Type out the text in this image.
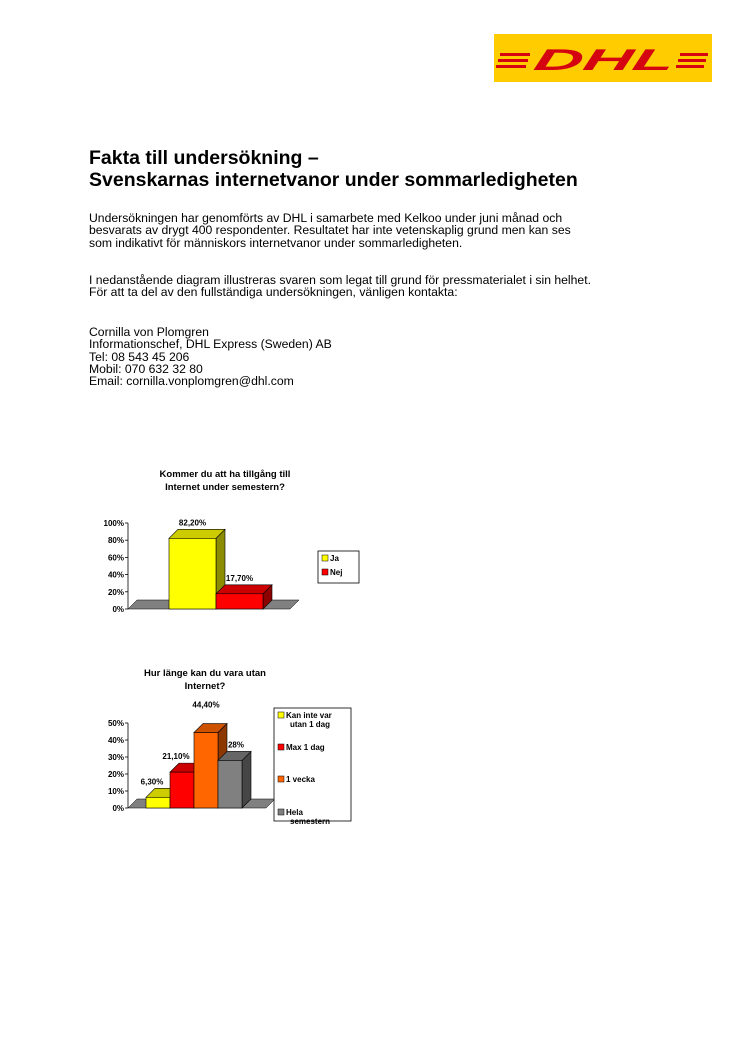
DHL
Fakta till undersökning –
Svenskarnas internetvanor under sommarledigheten
Undersökningen har genomförts av DHL i samarbete med Kelkoo under juni månad och
besvarats av drygt 400 respondenter. Resultatet har inte vetenskaplig grund men kan ses
som indikativt för människors internetvanor under sommarledigheten.
I nedanstående diagram illustreras svaren som legat till grund för pressmaterialet i sin helhet.
För att ta del av den fullständiga undersökningen, vänligen kontakta:
Cornilla von Plomgren
Informationschef, DHL Express (Sweden) AB
Tel: 08 543 45 206
Mobil: 070 632 32 80
Email: cornilla.vonplomgren@dhl.com
Kommer du att ha tillgång till
Internet under semestern?
0%
20%
40%
60%
80%
100%	82,20%
17,70%
Ja
Nej
Hur länge kan du vara utan
Internet?
0%
10%
20%
30%
40%
50%
6,30%
21,10%
44,40%
28%
Kan inte var
utan 1 dag
Max 1 dag
1 vecka
Hela
semestern
